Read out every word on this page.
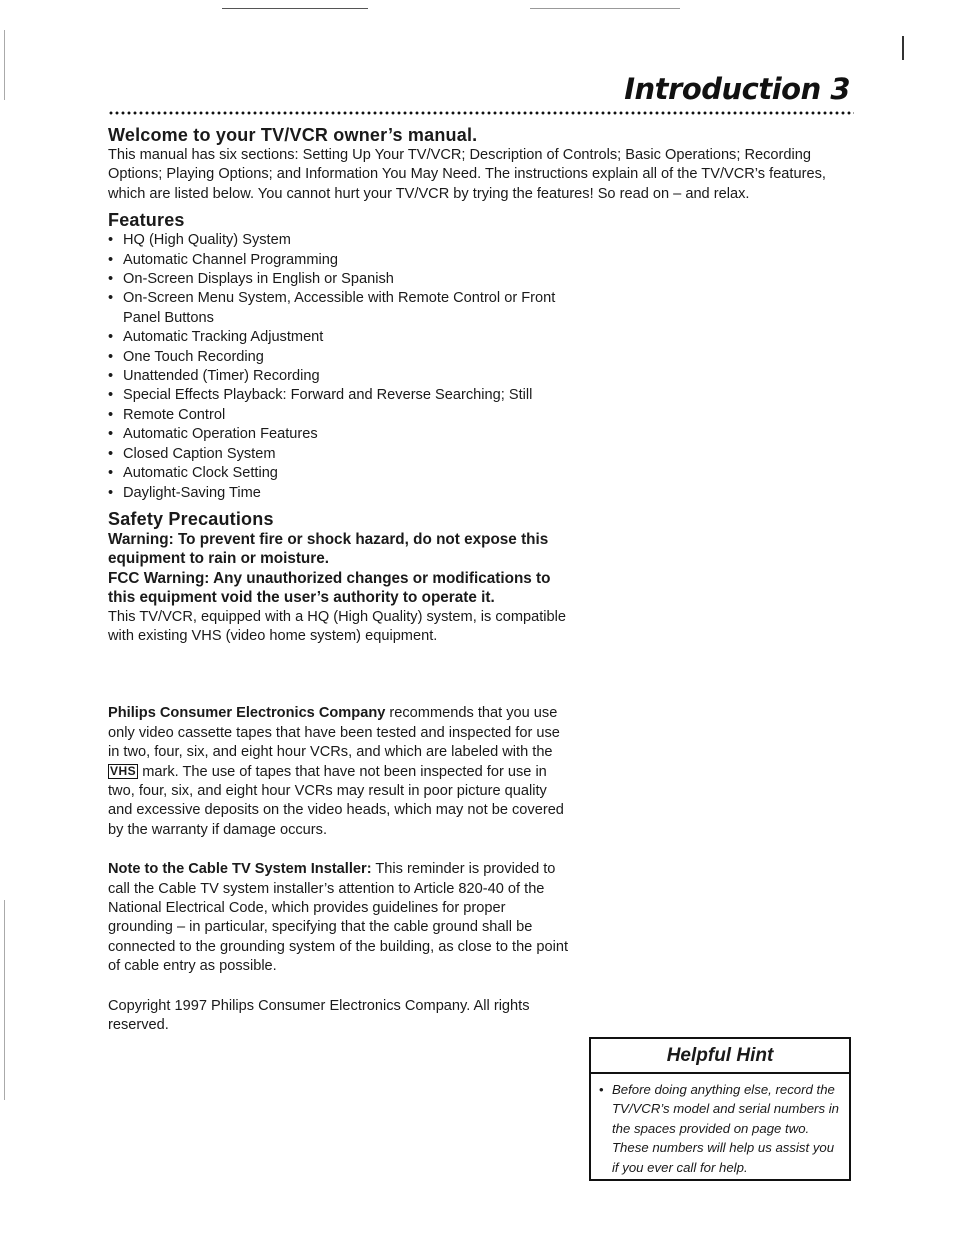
Introduction 3
Welcome to your TV/VCR owner’s manual.

This manual has six sections: Setting Up Your TV/VCR; Description of Controls; Basic Operations; Recording Options; Playing Options; and Information You May Need. The instructions explain all of the TV/VCR’s features, which are listed below. You cannot hurt your TV/VCR by trying the features! So read on – and relax.

Features
• HQ (High Quality) System
• Automatic Channel Programming
• On-Screen Displays in English or Spanish
• On-Screen Menu System, Accessible with Remote Control or Front Panel Buttons
• Automatic Tracking Adjustment
• One Touch Recording
• Unattended (Timer) Recording
• Special Effects Playback: Forward and Reverse Searching; Still
• Remote Control
• Automatic Operation Features
• Closed Caption System
• Automatic Clock Setting
• Daylight-Saving Time
Safety Precautions

Warning: To prevent fire or shock hazard, do not expose this equipment to rain or moisture.

FCC Warning: Any unauthorized changes or modifications to this equipment void the user’s authority to operate it.

This TV/VCR, equipped with a HQ (High Quality) system, is compatible with existing VHS (video home system) equipment.

Philips Consumer Electronics Company recommends that you use only video cassette tapes that have been tested and inspected for use in two, four, six, and eight hour VCRs, and which are labeled with the VHS mark. The use of tapes that have not been inspected for use in two, four, six, and eight hour VCRs may result in poor picture quality and excessive deposits on the video heads, which may not be covered by the warranty if damage occurs.

Note to the Cable TV System Installer: This reminder is provided to call the Cable TV system installer’s attention to Article 820-40 of the National Electrical Code, which provides guidelines for proper grounding – in particular, specifying that the cable ground shall be connected to the grounding system of the building, as close to the point of cable entry as possible.

Copyright 1997 Philips Consumer Electronics Company. All rights reserved.

Helpful Hint
• Before doing anything else, record the TV/VCR’s model and serial numbers in the spaces provided on page two. These numbers will help us assist you if you ever call for help.
